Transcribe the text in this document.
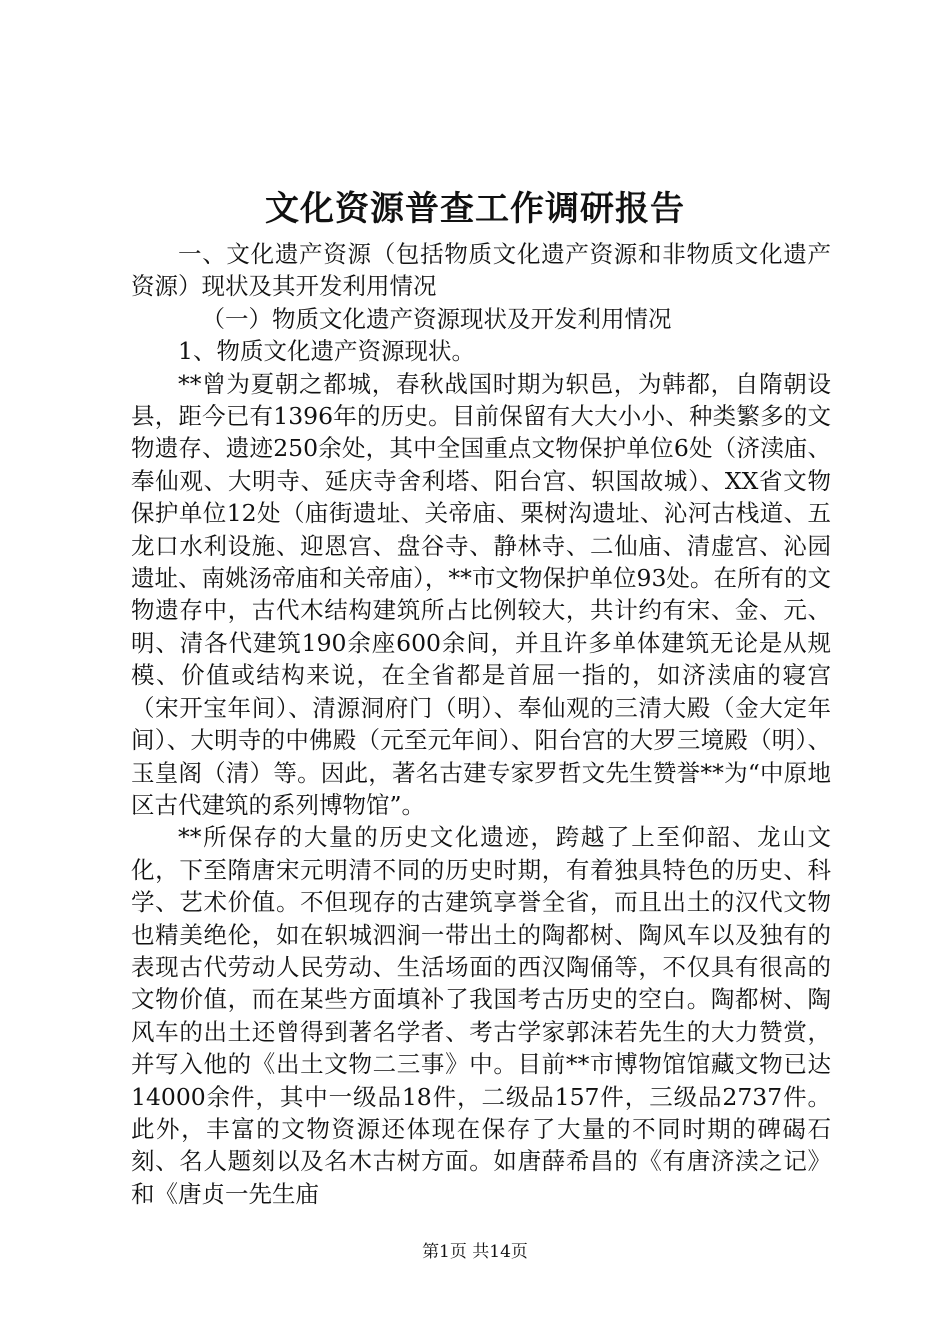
文化资源普查工作调研报告

一、文化遗产资源（包括物质文化遗产资源和非物质文化遗产资源）现状及其开发利用情况

（一）物质文化遗产资源现状及开发利用情况

1、物质文化遗产资源现状。

**曾为夏朝之都城，春秋战国时期为轵邑，为韩都，自隋朝设县，距今已有1396年的历史。目前保留有大大小小、种类繁多的文物遗存、遗迹250余处，其中全国重点文物保护单位6处（济渎庙、奉仙观、大明寺、延庆寺舍利塔、阳台宫、轵国故城）、XX省文物保护单位12处（庙街遗址、关帝庙、栗树沟遗址、沁河古栈道、五龙口水利设施、迎恩宫、盘谷寺、静林寺、二仙庙、清虚宫、沁园遗址、南姚汤帝庙和关帝庙），**市文物保护单位93处。在所有的文物遗存中，古代木结构建筑所占比例较大，共计约有宋、金、元、明、清各代建筑190余座600余间，并且许多单体建筑无论是从规模、价值或结构来说，在全省都是首屈一指的，如济渎庙的寝宫（宋开宝年间）、清源洞府门（明）、奉仙观的三清大殿（金大定年间）、大明寺的中佛殿（元至元年间）、阳台宫的大罗三境殿（明）、玉皇阁（清）等。因此，著名古建专家罗哲文先生赞誉**为“中原地区古代建筑的系列博物馆”。

**所保存的大量的历史文化遗迹，跨越了上至仰韶、龙山文化，下至隋唐宋元明清不同的历史时期，有着独具特色的历史、科学、艺术价值。不但现存的古建筑享誉全省，而且出土的汉代文物也精美绝伦，如在轵城泗涧一带出土的陶都树、陶风车以及独有的表现古代劳动人民劳动、生活场面的西汉陶俑等，不仅具有很高的文物价值，而在某些方面填补了我国考古历史的空白。陶都树、陶风车的出土还曾得到著名学者、考古学家郭沫若先生的大力赞赏，并写入他的《出土文物二三事》中。目前**市博物馆馆藏文物已达14000余件，其中一级品18件，二级品157件，三级品2737件。此外，丰富的文物资源还体现在保存了大量的不同时期的碑碣石刻、名人题刻以及名木古树方面。如唐薛希昌的《有唐济渎之记》和《唐贞一先生庙

第1页 共14页
